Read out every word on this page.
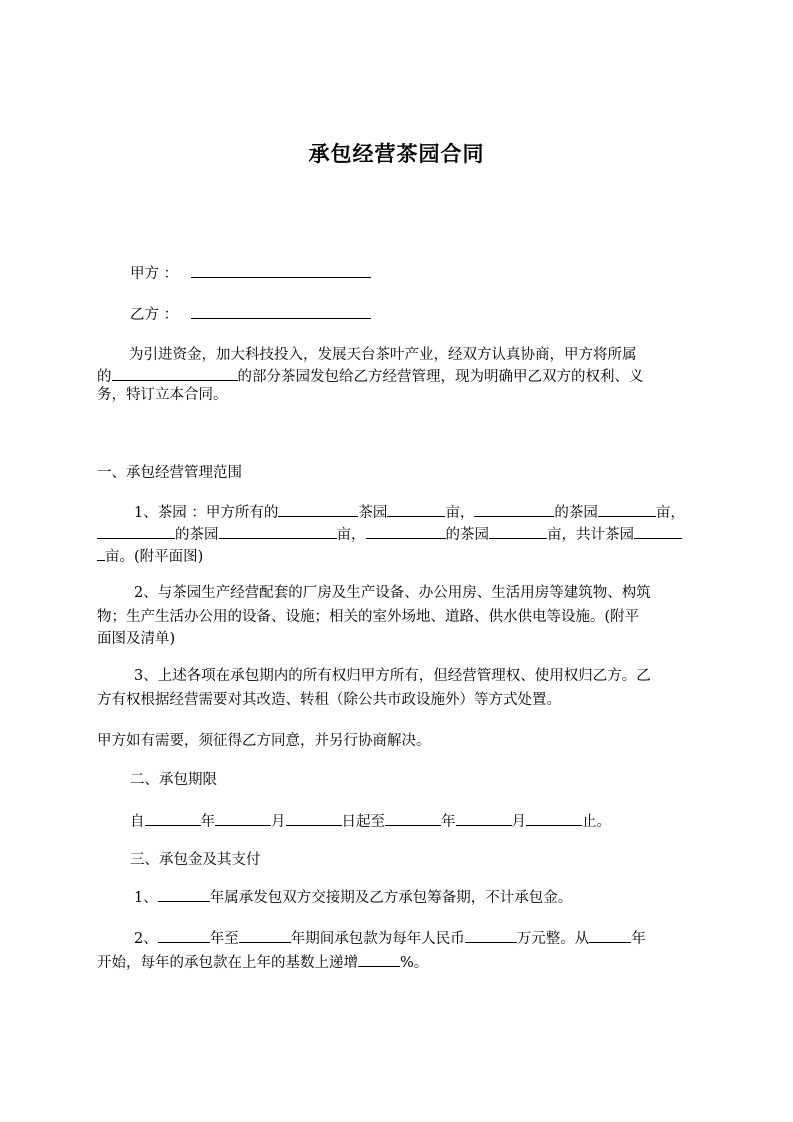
承包经营茶园合同
甲方 ：
乙方 ：
为引进资金，加大科技投入，发展天台茶叶产业，经双方认真协商，甲方将所属
的	的部分茶园发包给乙方经营管理，现为明确甲乙双方的权利、义
务，特订立本合同。
一、承包经营管理范围
1、茶园 ：甲方所有的	茶园	亩，	的茶园	亩，
的茶园	亩，	的茶园	亩，共计茶园
亩。(附平面图)
2、与茶园生产经营配套的厂房及生产设备、办公用房、生活用房等建筑物、构筑
物；生产生活办公用的设备、设施；相关的室外场地、道路、供水供电等设施。(附平
面图及清单)
3、上述各项在承包期内的所有权归甲方所有，但经营管理权、使用权归乙方。乙
方有权根据经营需要对其改造、转租（除公共市政设施外）等方式处置。
甲方如有需要，须征得乙方同意，并另行协商解决。
二、承包期限
自	年	月	日起至	年	月	止。
三、承包金及其支付
1、	年属承发包双方交接期及乙方承包筹备期，不计承包金。
2、	年至	年期间承包款为每年人民币	万元整。从	年
开始，每年的承包款在上年的基数上递增	%。
